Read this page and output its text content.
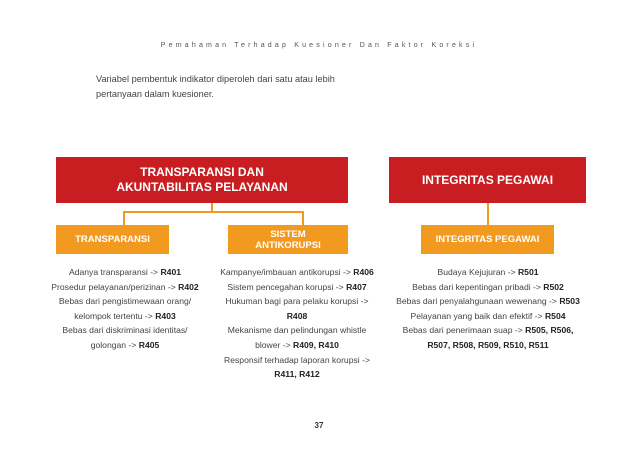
Pemahaman Terhadap Kuesioner Dan Faktor Koreksi
Variabel pembentuk indikator diperoleh dari satu atau lebih pertanyaan dalam kuesioner.
TRANSPARANSI DAN AKUNTABILITAS PELAYANAN	INTEGRITAS PEGAWAI
TRANSPARANSI	SISTEM ANTIKORUPSI	INTEGRITAS PEGAWAI
Adanya transparansi -> R401
Prosedur pelayanan/perizinan -> R402
Bebas dari pengistimewaan orang/
kelompok tertentu -> R403
Bebas dari diskriminasi identitas/
golongan -> R405
Kampanye/imbauan antikorupsi -> R406
Sistem pencegahan korupsi -> R407
Hukuman bagi para pelaku korupsi ->
R408
Mekanisme dan pelindungan whistle
blower -> R409, R410
Responsif terhadap laporan korupsi ->
R411, R412
Budaya Kejujuran -> R501
Bebas dari kepentingan pribadi -> R502
Bebas dari penyalahgunaan wewenang -> R503
Pelayanan yang baik dan efektif -> R504
Bebas dari penerimaan suap -> R505, R506,
R507, R508, R509, R510, R511
37
